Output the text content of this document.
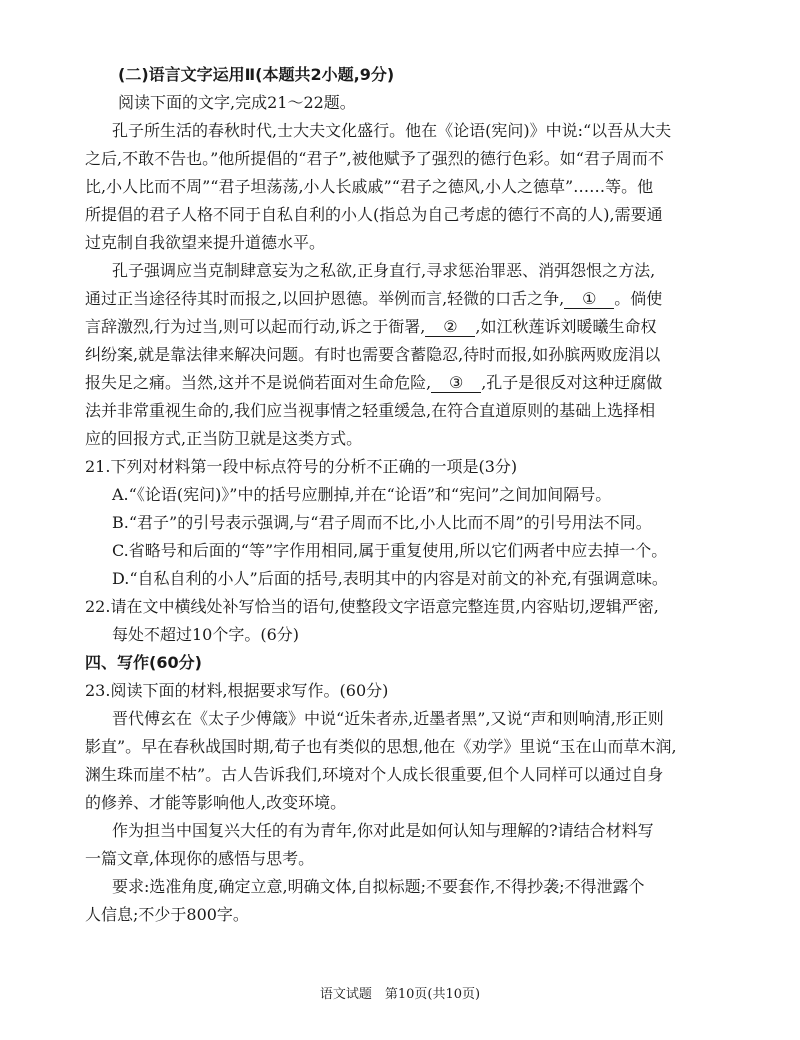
(二)语言文字运用Ⅱ(本题共2小题,9分)
阅读下面的文字,完成21～22题。
孔子所生活的春秋时代,士大夫文化盛行。他在《论语(宪问)》中说:“以吾从大夫
之后,不敢不告也。”他所提倡的“君子”,被他赋予了强烈的德行色彩。如“君子周而不
比,小人比而不周”“君子坦荡荡,小人长戚戚”“君子之德风,小人之德草”……等。他
所提倡的君子人格不同于自私自利的小人(指总为自己考虑的德行不高的人),需要通
过克制自我欲望来提升道德水平。
孔子强调应当克制肆意妄为之私欲,正身直行,寻求惩治罪恶、消弭怨恨之方法,
通过正当途径待其时而报之,以回护恩德。举例而言,轻微的口舌之争, ① 。倘使
言辞激烈,行为过当,则可以起而行动,诉之于衙署, ② ,如江秋莲诉刘暖曦生命权
纠纷案,就是靠法律来解决问题。有时也需要含蓄隐忍,待时而报,如孙膑两败庞涓以
报失足之痛。当然,这并不是说倘若面对生命危险, ③ ,孔子是很反对这种迂腐做
法并非常重视生命的,我们应当视事情之轻重缓急,在符合直道原则的基础上选择相
应的回报方式,正当防卫就是这类方式。
21.下列对材料第一段中标点符号的分析不正确的一项是(3分)
A.“《论语(宪问)》”中的括号应删掉,并在“论语”和“宪问”之间加间隔号。
B.“君子”的引号表示强调,与“君子周而不比,小人比而不周”的引号用法不同。
C.省略号和后面的“等”字作用相同,属于重复使用,所以它们两者中应去掉一个。
D.“自私自利的小人”后面的括号,表明其中的内容是对前文的补充,有强调意味。
22.请在文中横线处补写恰当的语句,使整段文字语意完整连贯,内容贴切,逻辑严密,
每处不超过10个字。(6分)
四、写作(60分)
23.阅读下面的材料,根据要求写作。(60分)
晋代傅玄在《太子少傅箴》中说“近朱者赤,近墨者黑”,又说“声和则响清,形正则
影直”。早在春秋战国时期,荀子也有类似的思想,他在《劝学》里说“玉在山而草木润,
渊生珠而崖不枯”。古人告诉我们,环境对个人成长很重要,但个人同样可以通过自身
的修养、才能等影响他人,改变环境。
作为担当中国复兴大任的有为青年,你对此是如何认知与理解的?请结合材料写
一篇文章,体现你的感悟与思考。
要求:选准角度,确定立意,明确文体,自拟标题;不要套作,不得抄袭;不得泄露个
人信息;不少于800字。
语文试题　第10页(共10页)
